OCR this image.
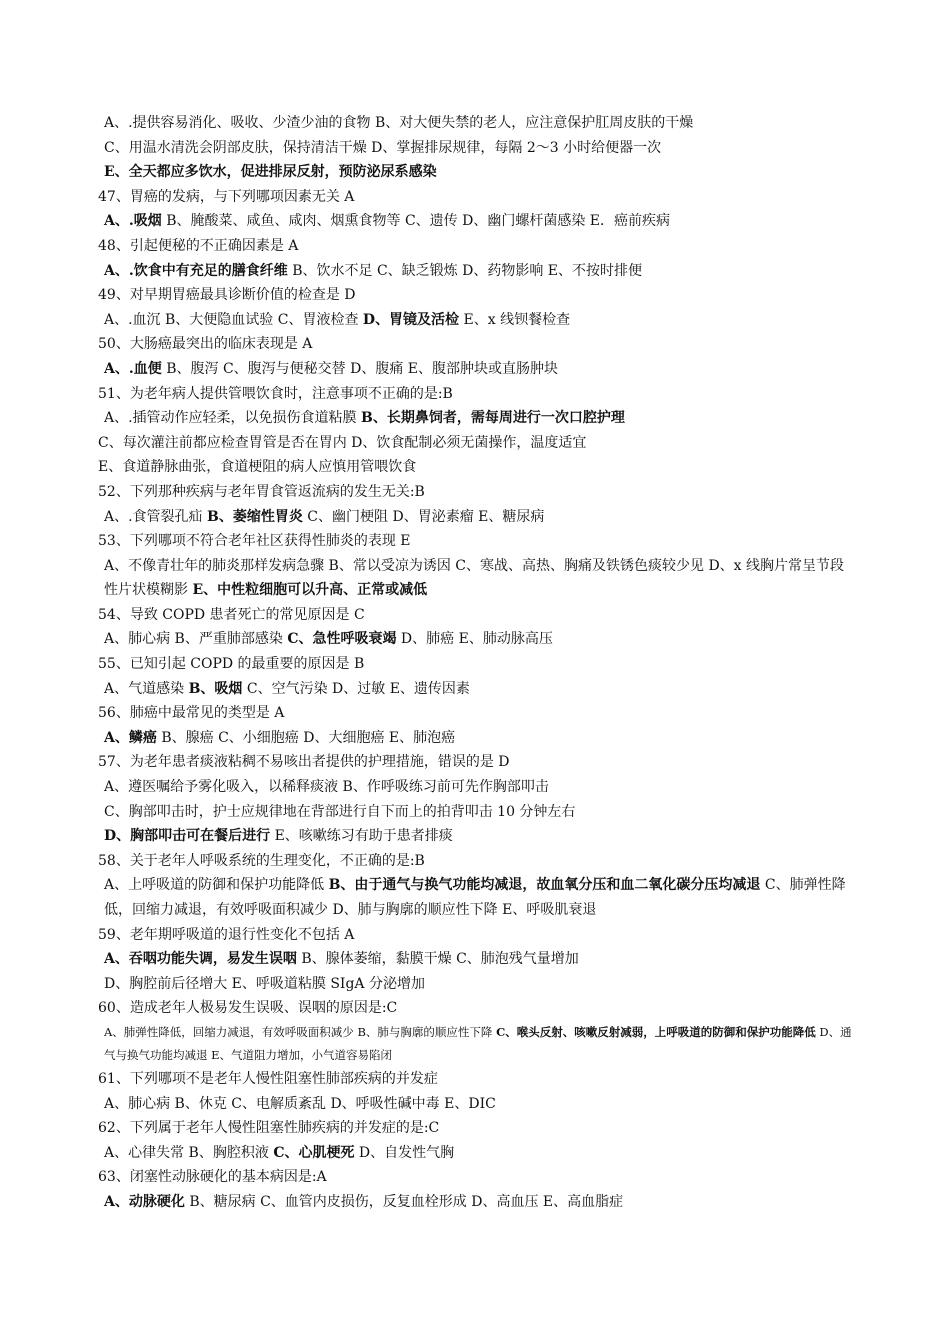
A、.提供容易消化、吸收、少渣少油的食物 B、对大便失禁的老人，应注意保护肛周皮肤的干燥
C、用温水清洗会阴部皮肤，保持清洁干燥 D、掌握排尿规律，每隔 2～3 小时给便器一次
E、全天都应多饮水，促进排尿反射，预防泌尿系感染
47、胃癌的发病，与下列哪项因素无关 A
A、.吸烟 B、腌酸菜、咸鱼、咸肉、烟熏食物等 C、遗传 D、幽门螺杆菌感染 E．癌前疾病
48、引起便秘的不正确因素是 A
A、.饮食中有充足的膳食纤维 B、饮水不足 C、缺乏锻炼 D、药物影响 E、不按时排便
49、对早期胃癌最具诊断价值的检查是 D
A、.血沉 B、大便隐血试验 C、胃液检查 D、胃镜及活检 E、x 线钡餐检查
50、大肠癌最突出的临床表现是 A
A、.血便 B、腹泻 C、腹泻与便秘交替 D、腹痛 E、腹部肿块或直肠肿块
51、为老年病人提供管喂饮食时，注意事项不正确的是:B
A、.插管动作应轻柔，以免损伤食道粘膜 B、长期鼻饲者，需每周进行一次口腔护理
C、每次灌注前都应检查胃管是否在胃内 D、饮食配制必须无菌操作，温度适宜
E、食道静脉曲张，食道梗阻的病人应慎用管喂饮食
52、下列那种疾病与老年胃食管返流病的发生无关:B
A、.食管裂孔疝 B、萎缩性胃炎 C、幽门梗阻 D、胃泌素瘤 E、糖尿病
53、下列哪项不符合老年社区获得性肺炎的表现 E
A、不像青壮年的肺炎那样发病急骤 B、常以受凉为诱因 C、寒战、高热、胸痛及铁锈色痰较少见 D、x 线胸片常呈节段性片状模糊影 E、中性粒细胞可以升高、正常或减低
54、导致 COPD 患者死亡的常见原因是 C
A、肺心病 B、严重肺部感染 C、急性呼吸衰竭 D、肺癌 E、肺动脉高压
55、已知引起 COPD 的最重要的原因是 B
A、气道感染 B、吸烟 C、空气污染 D、过敏 E、遗传因素
56、肺癌中最常见的类型是 A
A、鳞癌 B、腺癌 C、小细胞癌 D、大细胞癌 E、肺泡癌
57、为老年患者痰液粘稠不易咳出者提供的护理措施，错误的是 D
A、遵医嘱给予雾化吸入，以稀释痰液 B、作呼吸练习前可先作胸部叩击
C、胸部叩击时，护士应规律地在背部进行自下而上的拍背叩击 10 分钟左右
D、胸部叩击可在餐后进行 E、咳嗽练习有助于患者排痰
58、关于老年人呼吸系统的生理变化，不正确的是:B
A、上呼吸道的防御和保护功能降低 B、由于通气与换气功能均减退，故血氧分压和血二氧化碳分压均减退 C、肺弹性降低，回缩力减退，有效呼吸面积减少 D、肺与胸廓的顺应性下降 E、呼吸肌衰退
59、老年期呼吸道的退行性变化不包括 A
A、吞咽功能失调，易发生误咽 B、腺体萎缩，黏膜干燥 C、肺泡残气量增加
D、胸腔前后径增大 E、呼吸道粘膜 SIgA 分泌增加
60、造成老年人极易发生误吸、误咽的原因是:C
A、肺弹性降低，回缩力减退，有效呼吸面积减少 B、肺与胸廓的顺应性下降 C、喉头反射、咳嗽反射减弱，上呼吸道的防御和保护功能降低 D、通气与换气功能均减退 E、气道阻力增加，小气道容易陷闭
61、下列哪项不是老年人慢性阻塞性肺部疾病的并发症
A、肺心病 B、休克 C、电解质紊乱 D、呼吸性碱中毒 E、DIC
62、下列属于老年人慢性阻塞性肺疾病的并发症的是:C
A、心律失常 B、胸腔积液 C、心肌梗死 D、自发性气胸
63、闭塞性动脉硬化的基本病因是:A
A、动脉硬化 B、糖尿病 C、血管内皮损伤，反复血栓形成 D、高血压 E、高血脂症
